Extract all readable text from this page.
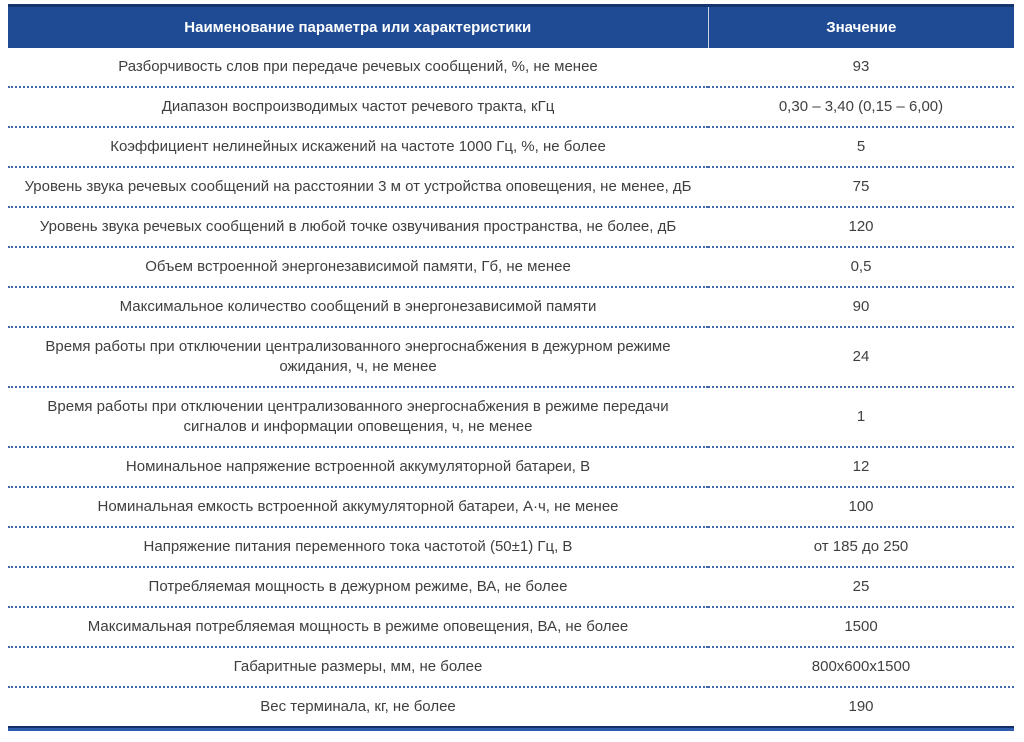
Наименование параметра или характеристики	Значение
Разборчивость слов при передаче речевых сообщений, %, не менее	93
Диапазон воспроизводимых частот речевого тракта, кГц	0,30 – 3,40 (0,15 – 6,00)
Коэффициент нелинейных искажений на частоте 1000 Гц, %, не более	5
Уровень звука речевых сообщений на расстоянии 3 м от устройства оповещения, не менее, дБ	75
Уровень звука речевых сообщений в любой точке озвучивания пространства, не более, дБ	120
Объем встроенной энергонезависимой памяти, Гб, не менее	0,5
Максимальное количество сообщений в энергонезависимой памяти	90
Время работы при отключении централизованного энергоснабжения в дежурном режиме ожидания, ч, не менее	24
Время работы при отключении централизованного энергоснабжения в режиме передачи сигналов и информации оповещения, ч, не менее	1
Номинальное напряжение встроенной аккумуляторной батареи, В	12
Номинальная емкость встроенной аккумуляторной батареи, А·ч, не менее	100
Напряжение питания переменного тока частотой (50±1) Гц, В	от 185 до 250
Потребляемая мощность в дежурном режиме, ВА, не более	25
Максимальная потребляемая мощность в режиме оповещения, ВА, не более	1500
Габаритные размеры, мм, не более	800х600х1500
Вес терминала, кг, не более	190
